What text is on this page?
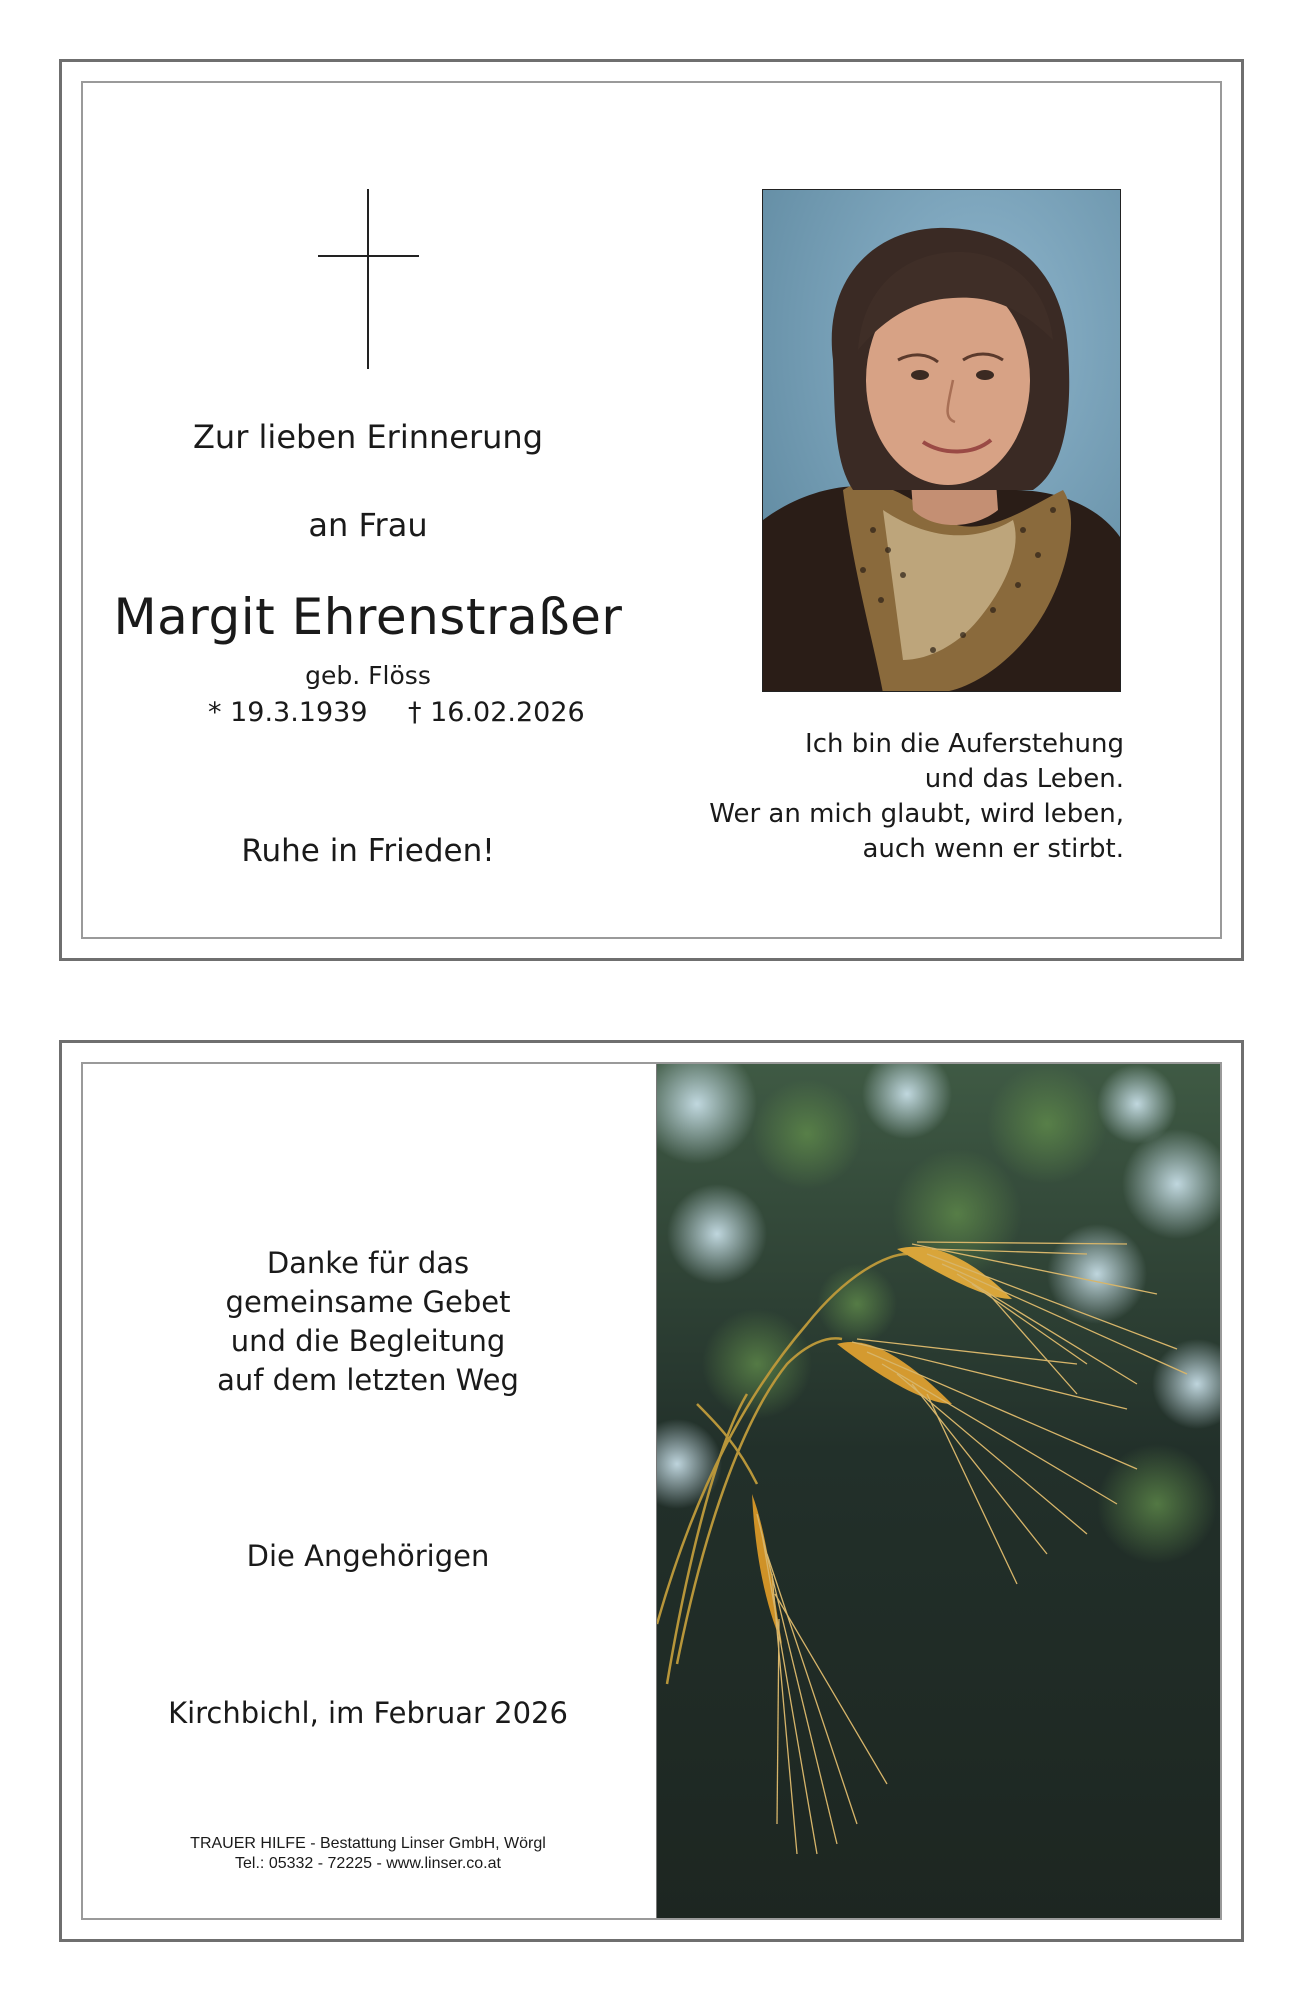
Zur lieben Erinnerung
an Frau
Margit Ehrenstraßer
geb. Flöss
* 19.3.1939 † 16.02.2026
Ruhe in Frieden!
Ich bin die Auferstehung
und das Leben.
Wer an mich glaubt, wird leben,
auch wenn er stirbt.
Danke für das
gemeinsame Gebet
und die Begleitung
auf dem letzten Weg
Die Angehörigen
Kirchbichl, im Februar 2026
TRAUER HILFE - Bestattung Linser GmbH, Wörgl
Tel.: 05332 - 72225 - www.linser.co.at
